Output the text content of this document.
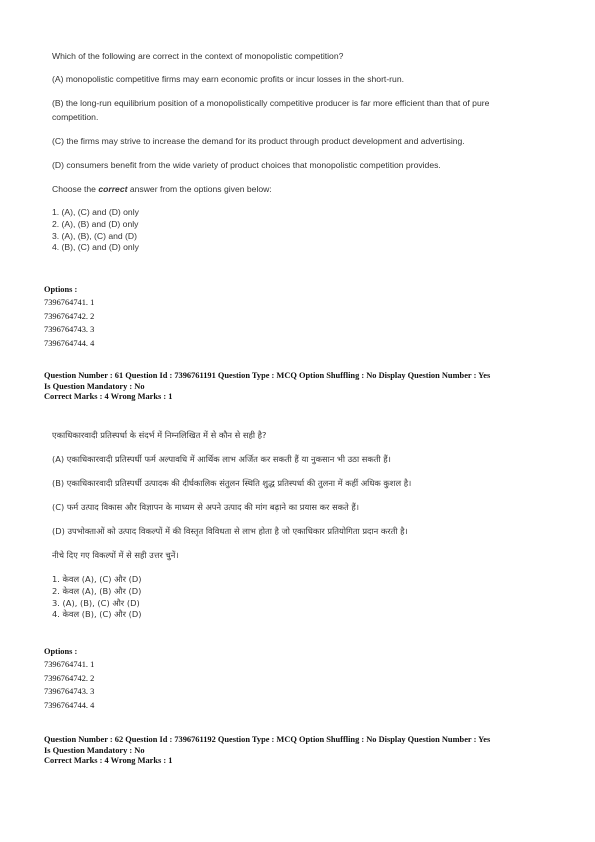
Which of the following are correct in the context of monopolistic competition?

(A) monopolistic competitive firms may earn economic profits or incur losses in the short-run.

(B) the long-run equilibrium position of a monopolistically competitive producer is far more efficient than that of pure

competition.

(C) the firms may strive to increase the demand for its product through product development and advertising.

(D) consumers benefit from the wide variety of product choices that monopolistic competition provides.

Choose the correct answer from the options given below:

1. (A), (C) and (D) only

2. (A), (B) and (D) only

3. (A), (B), (C) and (D)

4. (B), (C) and (D) only

Options :

7396764741. 1

7396764742. 2

7396764743. 3

7396764744. 4

Question Number : 61 Question Id : 7396761191 Question Type : MCQ Option Shuffling : No Display Question Number : Yes

Is Question Mandatory : No

Correct Marks : 4 Wrong Marks : 1

एकाधिकारवादी प्रतिस्पर्धा के संदर्भ में निम्नलिखित में से कौन से सही है?

(A) एकाधिकारवादी प्रतिस्पर्धी फर्म अल्पावधि में आर्थिक लाभ अर्जित कर सकती हैं या नुकसान भी उठा सकती हैं।

(B) एकाधिकारवादी प्रतिस्पर्धी उत्पादक की दीर्घकालिक संतुलन स्थिति शुद्ध प्रतिस्पर्धा की तुलना में कहीं अधिक कुशल है।

(C) फर्म उत्पाद विकास और विज्ञापन के माध्यम से अपने उत्पाद की मांग बढ़ाने का प्रयास कर सकते हैं।

(D) उपभोक्ताओं को उत्पाद विकल्पों में की विस्तृत विविधता से लाभ होता है जो एकाधिकार प्रतियोगिता प्रदान करती है।

नीचे दिए गए विकल्पों में से सही उत्तर चुनें।

1. केवल (A), (C) और (D)

2. केवल (A), (B) और (D)

3. (A), (B), (C) और (D)

4. केवल (B), (C) और (D)

Options :

7396764741. 1

7396764742. 2

7396764743. 3

7396764744. 4

Question Number : 62 Question Id : 7396761192 Question Type : MCQ Option Shuffling : No Display Question Number : Yes

Is Question Mandatory : No

Correct Marks : 4 Wrong Marks : 1
